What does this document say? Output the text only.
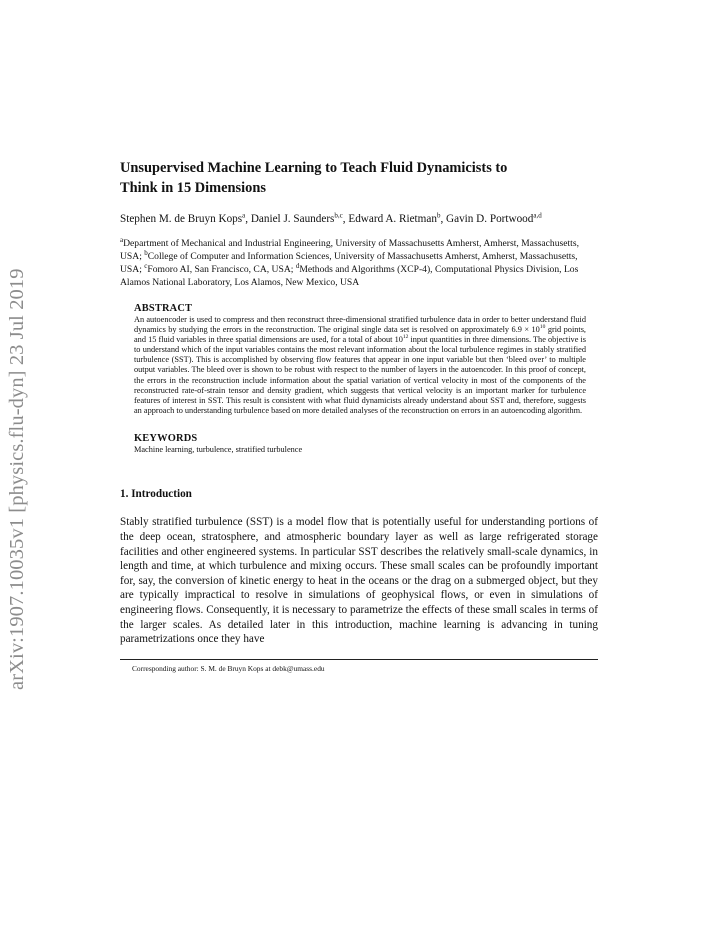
arXiv:1907.10035v1 [physics.flu-dyn] 23 Jul 2019
Unsupervised Machine Learning to Teach Fluid Dynamicists to
Think in 15 Dimensions
Stephen M. de Bruyn Kops$^a$, Daniel J. Saunders$^{b,c}$, Edward A. Rietman$^b$, Gavin D. Portwood$^{a,d}$
$^a$Department of Mechanical and Industrial Engineering, University of Massachusetts Amherst, Amherst, Massachusetts, USA; $^b$College of Computer and Information Sciences, University of Massachusetts Amherst, Amherst, Massachusetts, USA; $^c$Fomoro AI, San Francisco, CA, USA; $^d$Methods and Algorithms (XCP-4), Computational Physics Division, Los Alamos National Laboratory, Los Alamos, New Mexico, USA
ABSTRACT
An autoencoder is used to compress and then reconstruct three-dimensional stratified turbulence data in order to better understand fluid dynamics by studying the errors in the reconstruction. The original single data set is resolved on approximately $6.9 \times 10^{10}$ grid points, and 15 fluid variables in three spatial dimensions are used, for a total of about $10^{12}$ input quantities in three dimensions. The objective is to understand which of the input variables contains the most relevant information about the local turbulence regimes in stably stratified turbulence (SST). This is accomplished by observing flow features that appear in one input variable but then ‘bleed over’ to multiple output variables. The bleed over is shown to be robust with respect to the number of layers in the autoencoder. In this proof of concept, the errors in the reconstruction include information about the spatial variation of vertical velocity in most of the components of the reconstructed rate-of-strain tensor and density gradient, which suggests that vertical velocity is an important marker for turbulence features of interest in SST. This result is consistent with what fluid dynamicists already understand about SST and, therefore, suggests an approach to understanding turbulence based on more detailed analyses of the reconstruction on errors in an autoencoding algorithm.
KEYWORDS
Machine learning, turbulence, stratified turbulence
1. Introduction
Stably stratified turbulence (SST) is a model flow that is potentially useful for understanding portions of the deep ocean, stratosphere, and atmospheric boundary layer as well as large refrigerated storage facilities and other engineered systems. In particular SST describes the relatively small-scale dynamics, in length and time, at which turbulence and mixing occurs. These small scales can be profoundly important for, say, the conversion of kinetic energy to heat in the oceans or the drag on a submerged object, but they are typically impractical to resolve in simulations of geophysical flows, or even in simulations of engineering flows. Consequently, it is necessary to parametrize the effects of these small scales in terms of the larger scales. As detailed later in this introduction, machine learning is advancing in tuning parametrizations once they have
Corresponding author: S. M. de Bruyn Kops at debk@umass.edu
